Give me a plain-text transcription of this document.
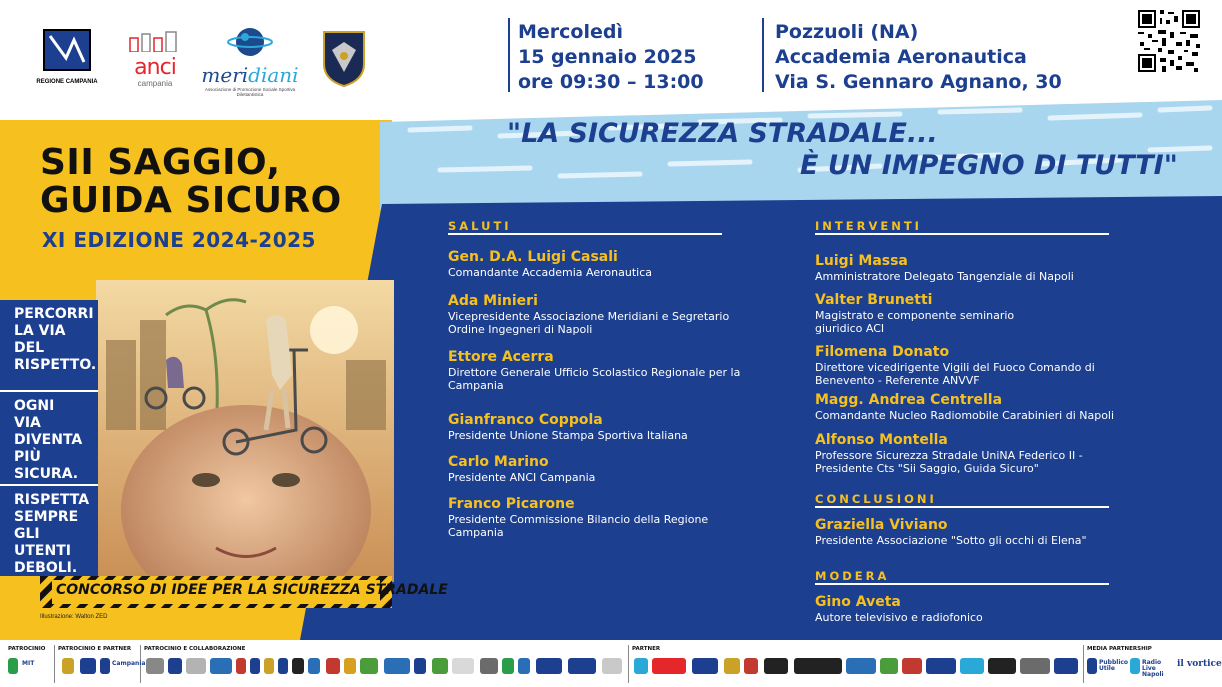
REGIONE CAMPANIA
anci
campania	meridiani
Associazione di Promozione Sociale Sportiva Dilettantistica
Mercoledì
15 gennaio 2025
ore 09:30 – 13:00
Pozzuoli (NA)
Accademia Aeronautica
Via S. Gennaro Agnano, 30
SII SAGGIO,
GUIDA SICURO
XI EDIZIONE 2024-2025
"LA SICUREZZA STRADALE...
È UN IMPEGNO DI TUTTI"
PERCORRI
LA VIA
DEL
RISPETTO.
OGNI
VIA
DIVENTA
PIÙ
SICURA.
RISPETTA
SEMPRE
GLI UTENTI
DEBOLI.
CONCORSO DI IDEE PER LA SICUREZZA STRADALE
Illustrazione: Walton ZED
SALUTI
Gen. D.A. Luigi Casali
Comandante Accademia Aeronautica
Ada Minieri
Vicepresidente Associazione Meridiani e Segretario Ordine Ingegneri di Napoli
Ettore Acerra
Direttore Generale Ufficio Scolastico Regionale per la Campania
Gianfranco Coppola
Presidente Unione Stampa Sportiva Italiana
Carlo Marino
Presidente ANCI Campania
Franco Picarone
Presidente Commissione Bilancio della Regione Campania
INTERVENTI
Luigi Massa
Amministratore Delegato Tangenziale di Napoli
Valter Brunetti
Magistrato e componente seminario giuridico ACI
Filomena Donato
Direttore vicedirigente Vigili del Fuoco Comando di Benevento - Referente ANVVF
Magg. Andrea Centrella
Comandante Nucleo Radiomobile Carabinieri di Napoli
Alfonso Montella
Professore Sicurezza Stradale UniNA Federico II - Presidente Cts "Sii Saggio, Guida Sicuro"
CONCLUSIONI
Graziella Viviano
Presidente Associazione "Sotto gli occhi di Elena"
MODERA
Gino Aveta
Autore televisivo e radiofonico
PATROCINIO PATROCINIO E PARTNER PATROCINIO E COLLABORAZIONE	PARTNER	MEDIA PARTNERSHIP
MIT	Campania	Pubblico Utile
Radio Live Napoli
il vortice
